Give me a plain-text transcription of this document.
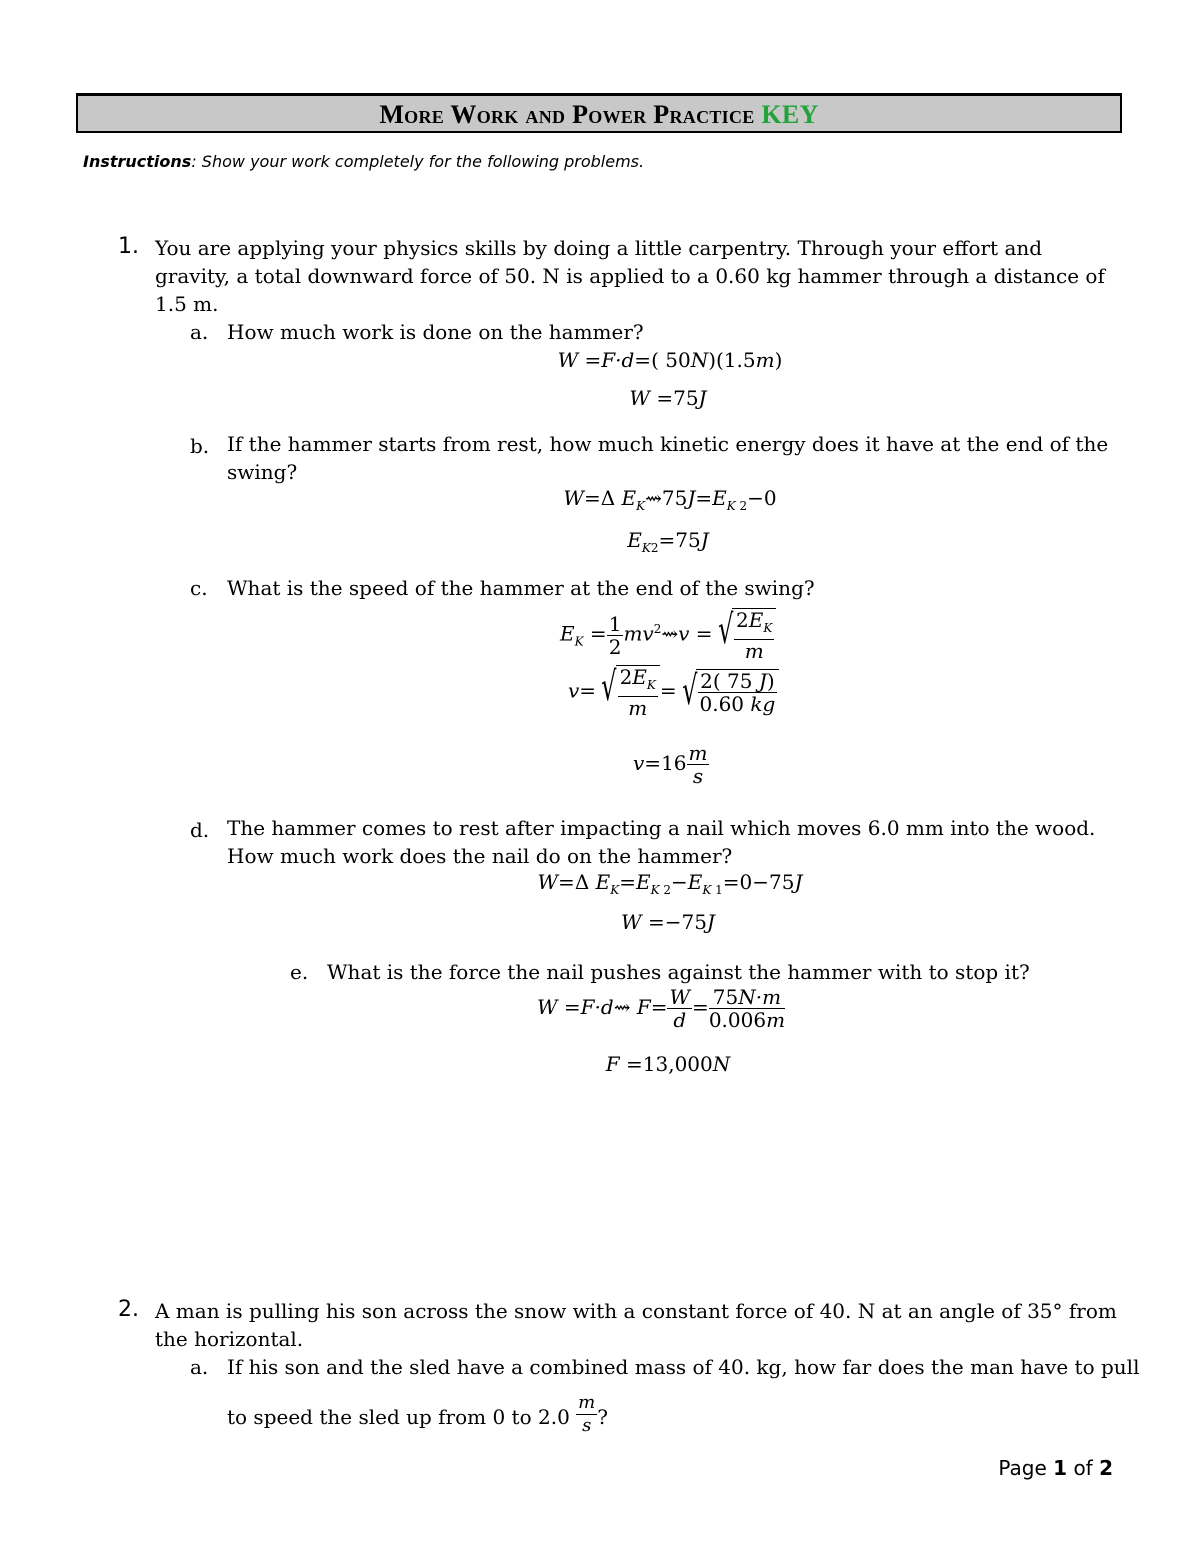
More Work and Power Practice KEY
Instructions: Show your work completely for the following problems.
1. You are applying your physics skills by doing a little carpentry. Through your effort and
gravity, a total downward force of 50. N is applied to a 0.60 kg hammer through a distance of
1.5 m.
a. How much work is done on the hammer?
W =F·d=( 50N)(1.5m)
W =75J
b. If the hammer starts from rest, how much kinetic energy does it have at the end of the
swing?
W=Δ $E_K⇝75J=E_{K 2}-0$
$E_{K2}=75J$
c. What is the speed of the hammer at the end of the swing?
$E_K = \frac{1}{2}$ $mv^2⇝v$ = √ $\frac{2E_K}{m}$
v= √ $\frac{2E_K}{m}$ = √ $\frac{2( 75 J)}{0.60 kg}$
$v=16 \frac{m}{s}$
d. The hammer comes to rest after impacting a nail which moves 6.0 mm into the wood.
How much work does the nail do on the hammer?
W=Δ $E_K=E_{K 2}-E_{K 1}=0-75J$
W =−75J
e. What is the force the nail pushes against the hammer with to stop it?
W =F·d⇝ $F= \frac{W}{d} = \frac{75N\cdot m}{0.006m}$
F =13,000N
2. A man is pulling his son across the snow with a constant force of 40. N at an angle of 35° from
the horizontal.
a. If his son and the sled have a combined mass of 40. kg, how far does the man have to pull
to speed the sled up from 0 to $2.0 \frac{m}{s}$ ?
Page 1 of 2
